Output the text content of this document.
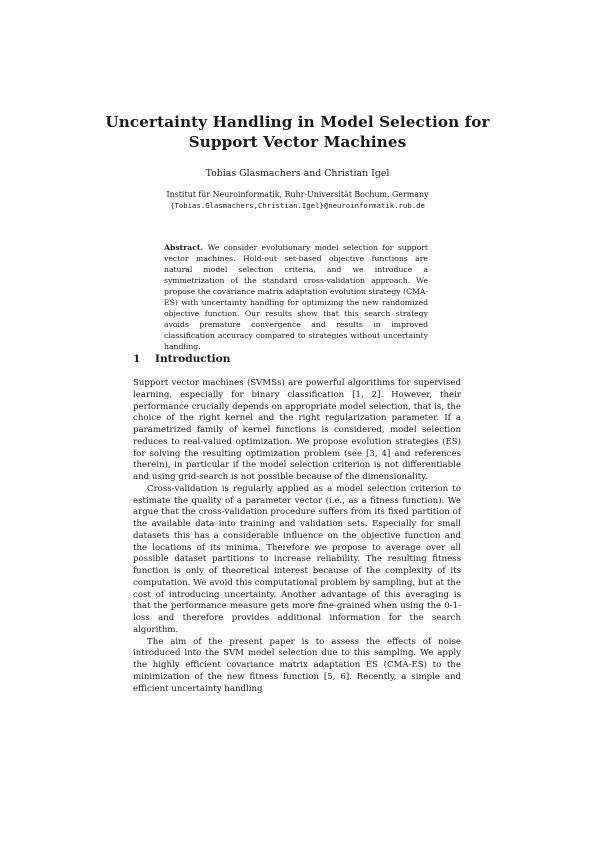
Uncertainty Handling in Model Selection for
Support Vector Machines
Tobias Glasmachers and Christian Igel
Institut für Neuroinformatik, Ruhr-Universität Bochum, Germany
{Tobias.Glasmachers,Christian.Igel}@neuroinformatik.rub.de
Abstract. We consider evolutionary model selection for support vector machines. Hold-out set-based objective functions are natural model selection criteria, and we introduce a symmetrization of the standard cross-validation approach. We propose the covariance matrix adaptation evolution strategy (CMA-ES) with uncertainty handling for optimizing the new randomized objective function. Our results show that this search strategy avoids premature convergence and results in improved classification accuracy compared to strategies without uncertainty handling.
1 Introduction

Support vector machines (SVMSs) are powerful algorithms for supervised learning, especially for binary classification [1, 2]. However, their performance crucially depends on appropriate model selection, that is, the choice of the right kernel and the right regularization parameter. If a parametrized family of kernel functions is considered, model selection reduces to real-valued optimization. We propose evolution strategies (ES) for solving the resulting optimization problem (see [3, 4] and references therein), in particular if the model selection criterion is not differentiable and using grid-search is not possible because of the dimensionality.

Cross-validation is regularly applied as a model selection criterion to estimate the quality of a parameter vector (i.e., as a fitness function). We argue that the cross-validation procedure suffers from its fixed partition of the available data into training and validation sets. Especially for small datasets this has a considerable influence on the objective function and the locations of its minima. Therefore we propose to average over all possible dataset partitions to increase reliability. The resulting fitness function is only of theoretical interest because of the complexity of its computation. We avoid this computational problem by sampling, but at the cost of introducing uncertainty. Another advantage of this averaging is that the performance measure gets more fine-grained when using the 0-1-loss and therefore provides additional information for the search algorithm.

The aim of the present paper is to assess the effects of noise introduced into the SVM model selection due to this sampling. We apply the highly efficient covariance matrix adaptation ES (CMA-ES) to the minimization of the new fitness function [5, 6]. Recently, a simple and efficient uncertainty handling
